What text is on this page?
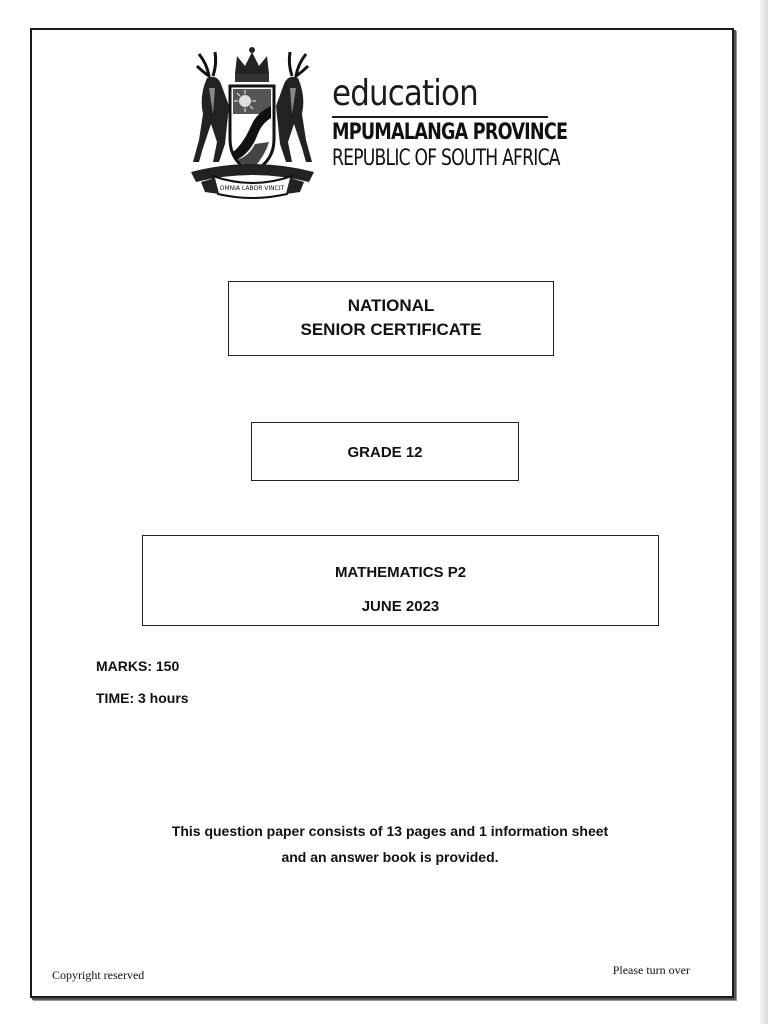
OMNIA LABOR VINCIT
education
MPUMALANGA PROVINCE
REPUBLIC OF SOUTH AFRICA
NATIONAL
SENIOR CERTIFICATE
GRADE 12
MATHEMATICS P2
JUNE 2023
MARKS: 150
TIME: 3 hours
This question paper consists of 13 pages and 1 information sheet
and an answer book is provided.
Copyright reserved	Please turn over
